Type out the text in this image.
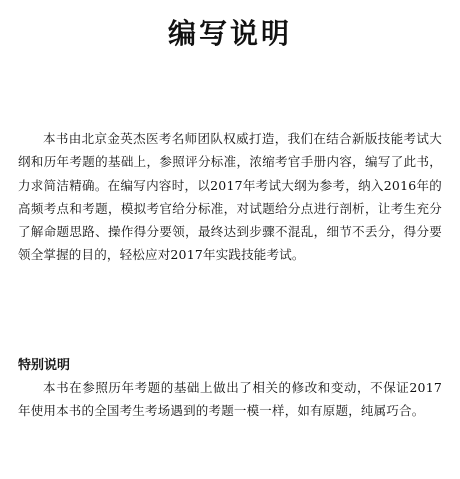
编写说明

本书由北京金英杰医考名师团队权威打造，我们在结合新版技能考试大纲和历年考题的基础上，参照评分标准，浓缩考官手册内容，编写了此书，力求简洁精确。在编写内容时，以2017年考试大纲为参考，纳入2016年的高频考点和考题，模拟考官给分标准，对试题给分点进行剖析，让考生充分了解命题思路、操作得分要领，最终达到步骤不混乱，细节不丢分，得分要领全掌握的目的，轻松应对2017年实践技能考试。

特别说明

本书在参照历年考题的基础上做出了相关的修改和变动，不保证2017年使用本书的全国考生考场遇到的考题一模一样，如有原题，纯属巧合。
